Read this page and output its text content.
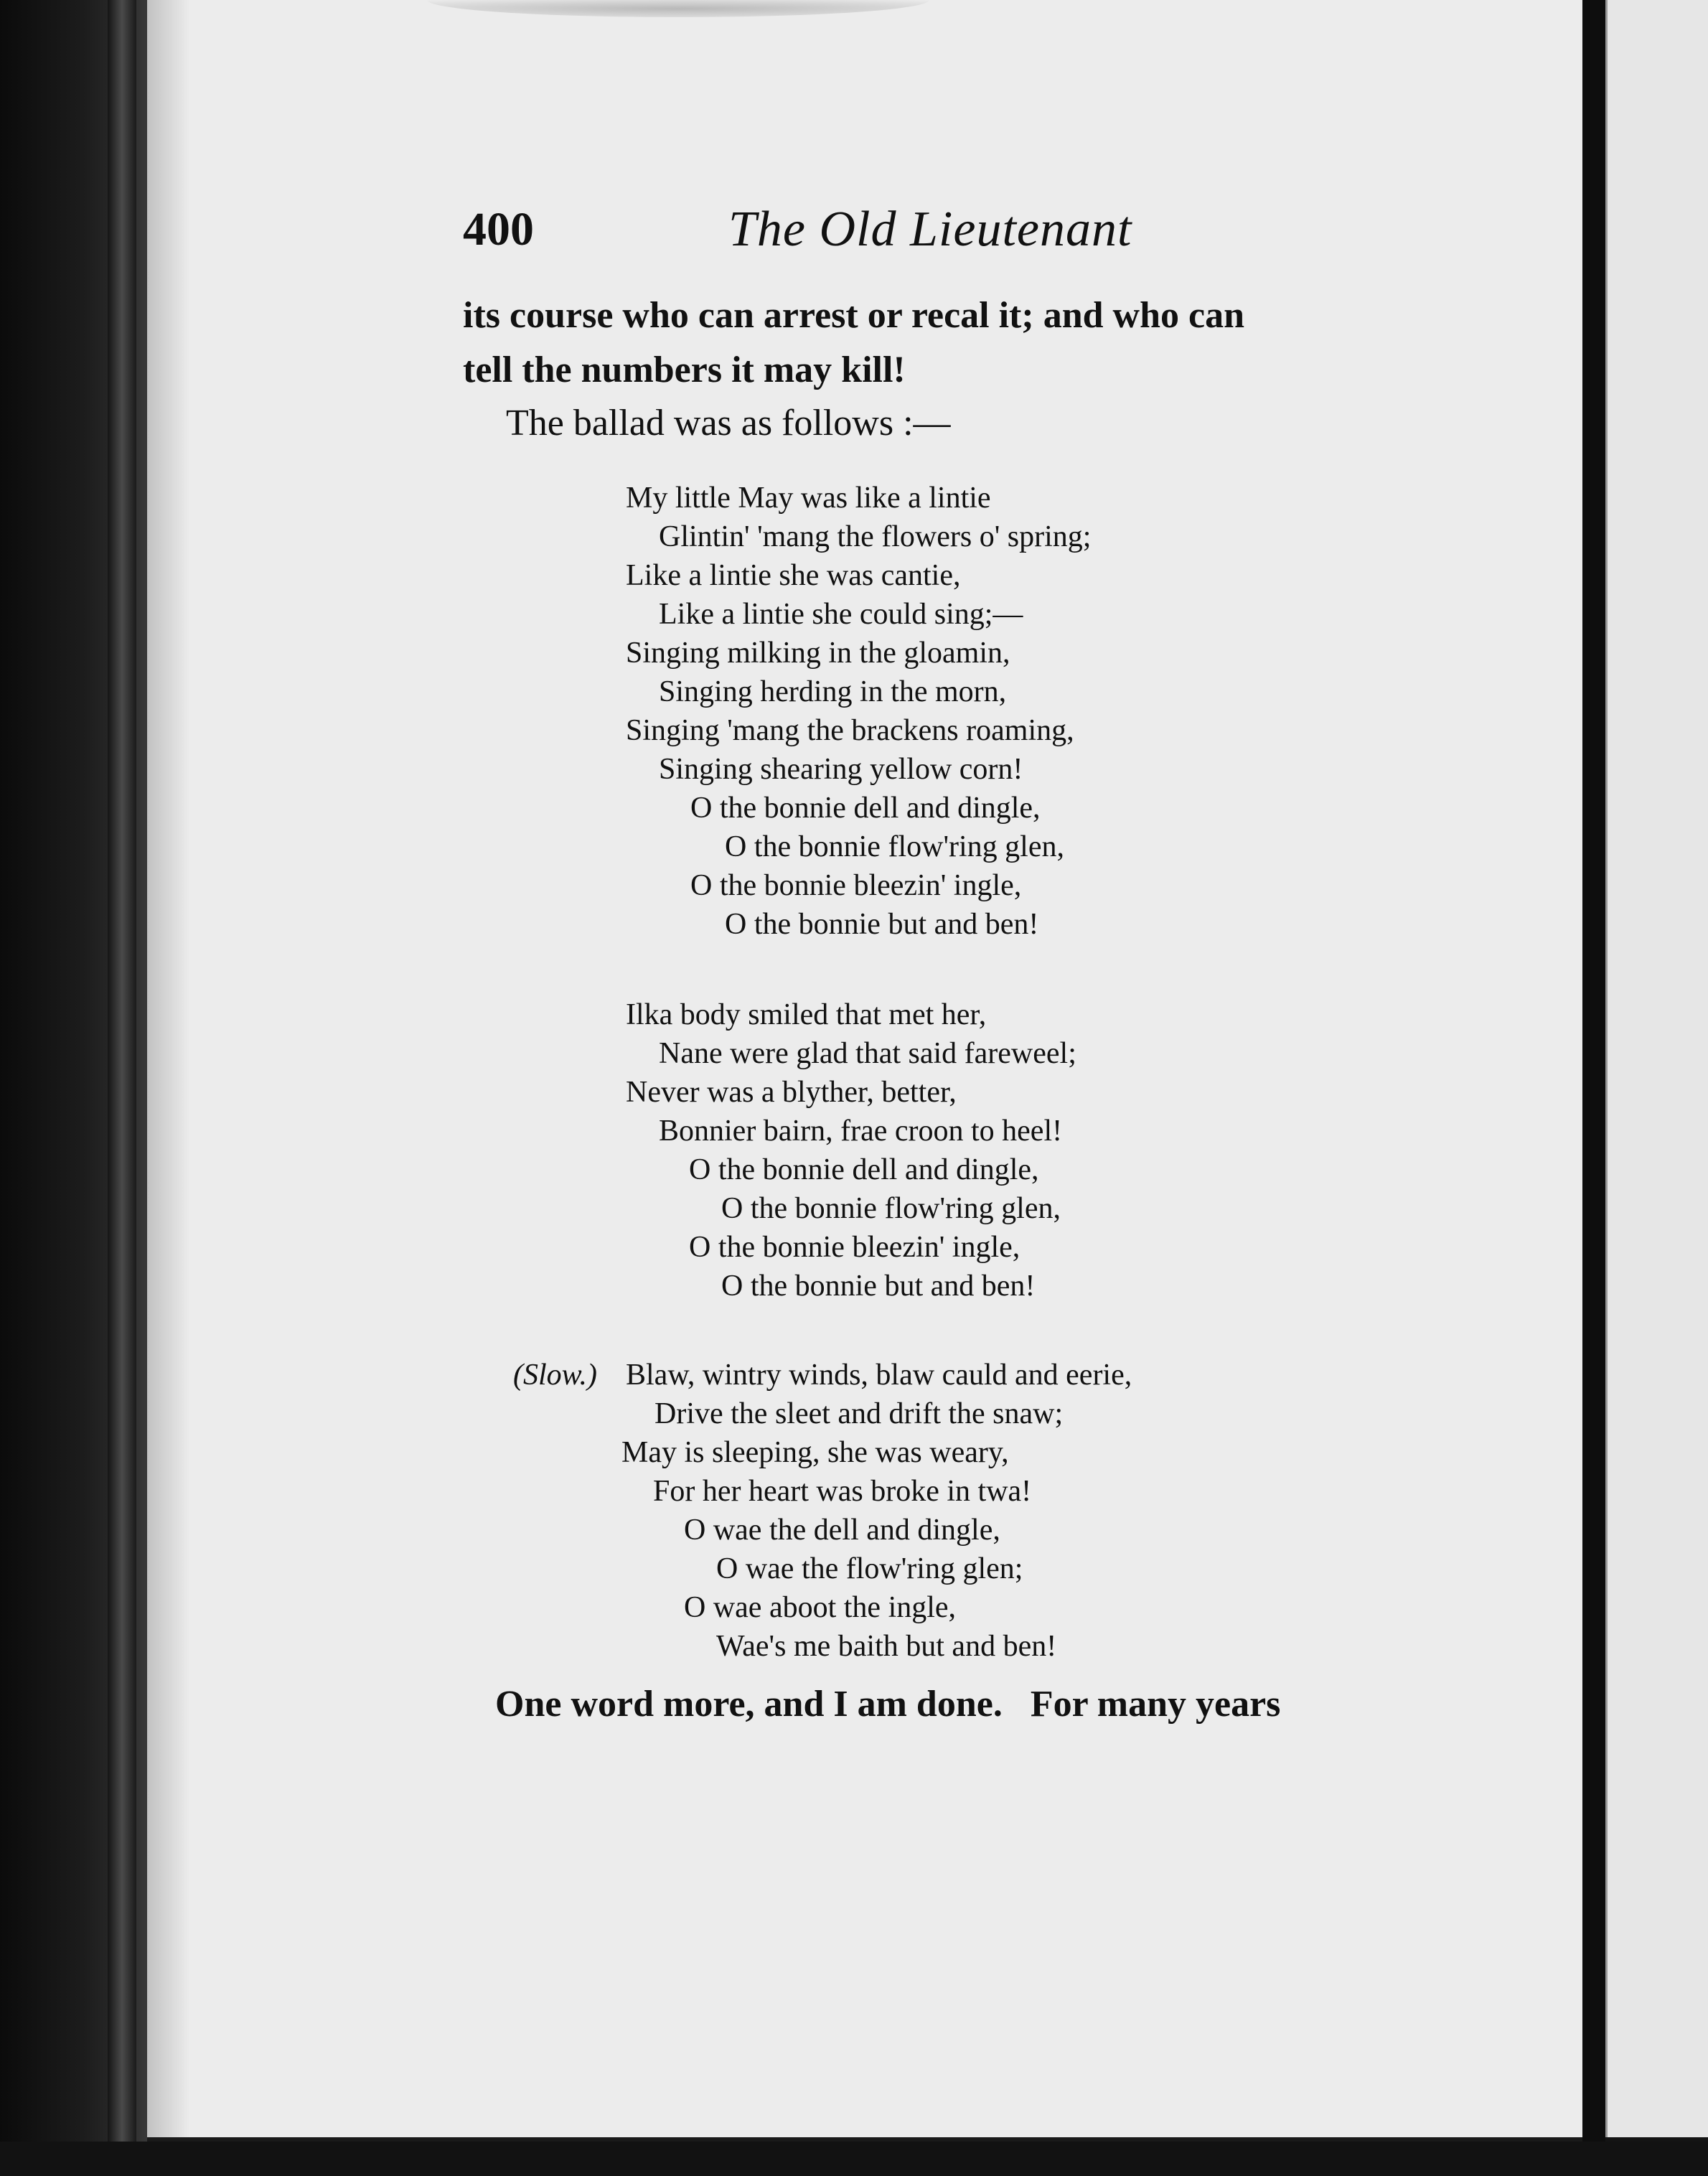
400	The Old Lieutenant

its course who can arrest or recal it; and who can

tell the numbers it may kill!

The ballad was as follows :—

My little May was like a lintie
Glintin' 'mang the flowers o' spring;
Like a lintie she was cantie,
Like a lintie she could sing;—
Singing milking in the gloamin,
Singing herding in the morn,
Singing 'mang the brackens roaming,
Singing shearing yellow corn!
O the bonnie dell and dingle,
O the bonnie flow'ring glen,
O the bonnie bleezin' ingle,
O the bonnie but and ben!
Ilka body smiled that met her,
Nane were glad that said fareweel;
Never was a blyther, better,
Bonnier bairn, frae croon to heel!
O the bonnie dell and dingle,
O the bonnie flow'ring glen,
O the bonnie bleezin' ingle,
O the bonnie but and ben!
(Slow.) Blaw, wintry winds, blaw cauld and eerie,
Drive the sleet and drift the snaw;
May is sleeping, she was weary,
For her heart was broke in twa!
O wae the dell and dingle,
O wae the flow'ring glen;
O wae aboot the ingle,
Wae's me baith but and ben!

One word more, and I am done.   For many years
